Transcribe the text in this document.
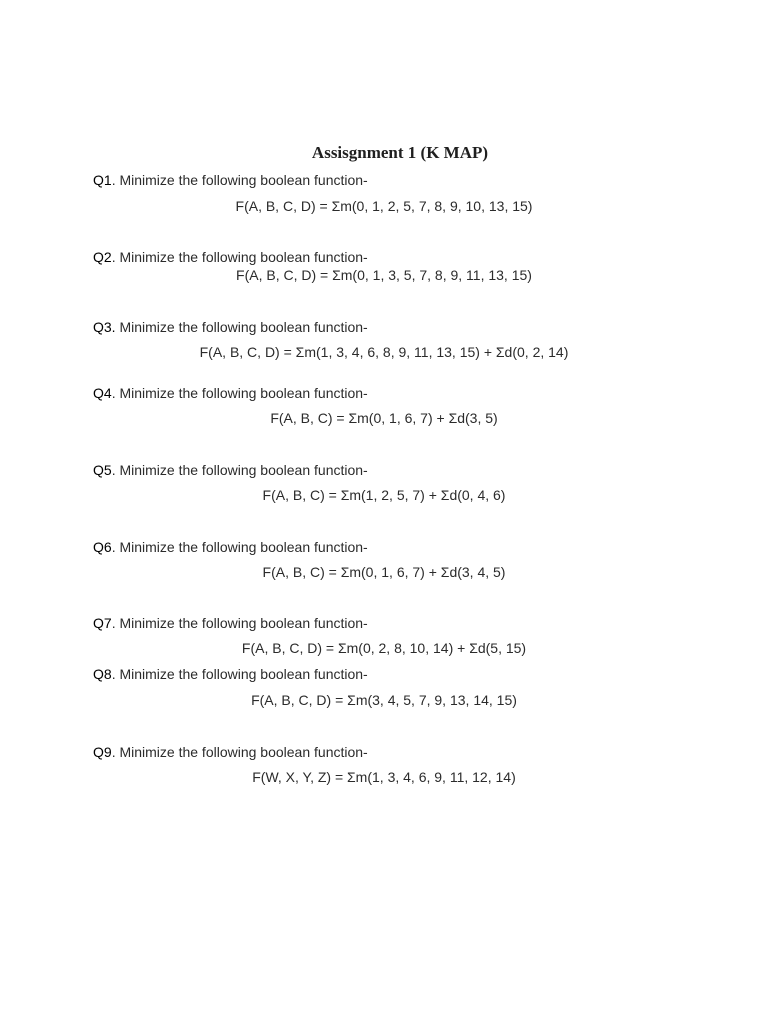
Assisgnment 1 (K MAP)
Q1. Minimize the following boolean function-
F(A, B, C, D) = Σm(0, 1, 2, 5, 7, 8, 9, 10, 13, 15)
Q2. Minimize the following boolean function-
F(A, B, C, D) = Σm(0, 1, 3, 5, 7, 8, 9, 11, 13, 15)
Q3. Minimize the following boolean function-
F(A, B, C, D) = Σm(1, 3, 4, 6, 8, 9, 11, 13, 15) + Σd(0, 2, 14)
Q4. Minimize the following boolean function-
F(A, B, C) = Σm(0, 1, 6, 7) + Σd(3, 5)
Q5. Minimize the following boolean function-
F(A, B, C) = Σm(1, 2, 5, 7) + Σd(0, 4, 6)
Q6. Minimize the following boolean function-
F(A, B, C) = Σm(0, 1, 6, 7) + Σd(3, 4, 5)
Q7. Minimize the following boolean function-
F(A, B, C, D) = Σm(0, 2, 8, 10, 14) + Σd(5, 15)
Q8. Minimize the following boolean function-
F(A, B, C, D) = Σm(3, 4, 5, 7, 9, 13, 14, 15)
Q9. Minimize the following boolean function-
F(W, X, Y, Z) = Σm(1, 3, 4, 6, 9, 11, 12, 14)
